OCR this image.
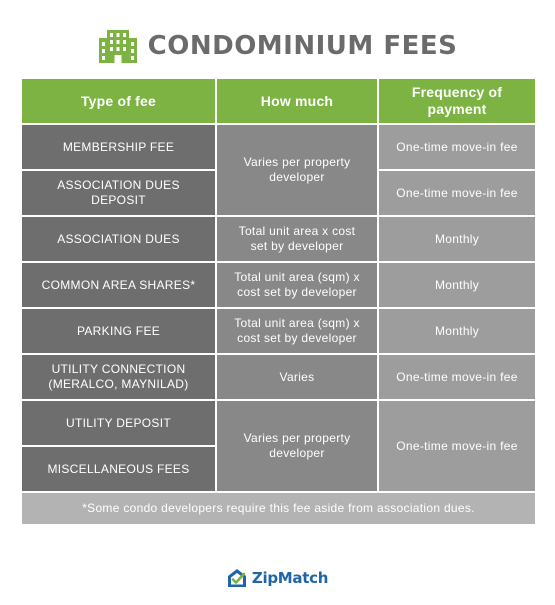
CONDOMINIUM FEES
Type of fee	How much	Frequency of payment
MEMBERSHIP FEE	Varies per property developer	One-time move-in fee
ASSOCIATION DUES DEPOSIT		One-time move-in fee
ASSOCIATION DUES	Total unit area x cost set by developer	Monthly
COMMON AREA SHARES*	Total unit area (sqm) x cost set by developer	Monthly
PARKING FEE	Total unit area (sqm) x cost set by developer	Monthly
UTILITY CONNECTION (MERALCO, MAYNILAD)	Varies	One-time move-in fee
UTILITY DEPOSIT	Varies per property developer	One-time move-in fee
MISCELLANEOUS FEES		
*Some condo developers require this fee aside from association dues.		
ZipMatch
